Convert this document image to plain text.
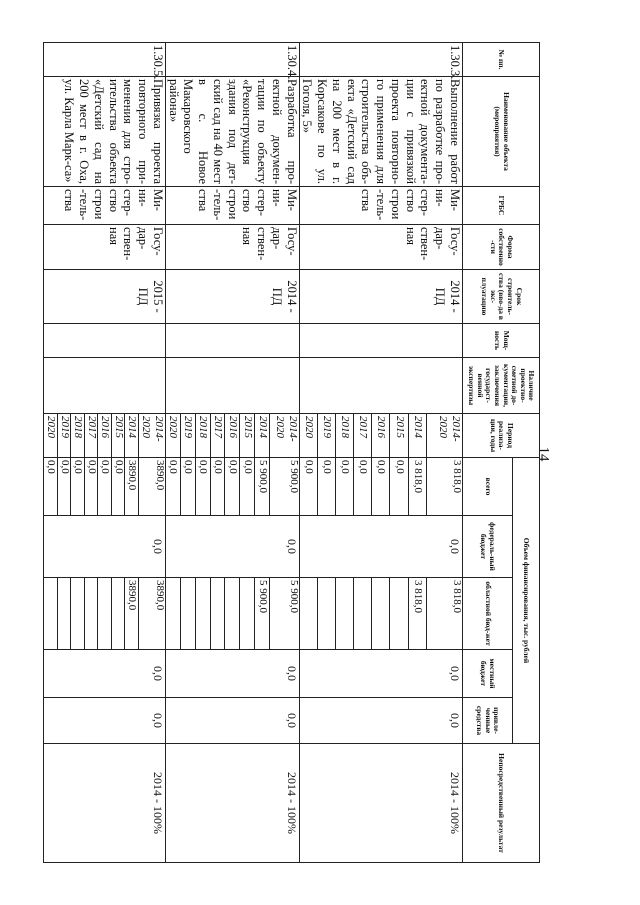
14
№ пп.	Наименование объекта (мероприятия)	ГРБС	Форма собственно-сти	Срок строитель-ства (вво-да в экс-плуатацию	Мощ-ность	Наличие проектно-сметной до-кументации, заключения государст-венной экспертизы	Период реализа-ции, годы	Объем финансирования, тыс. рублей					Непосредственный результат
								всего	федераль-ный бюджет	областной бюд-жет	местный бюджет	привле-ченные средства	
1.30.3.	Выполнение работ по разработке про-ектной документа-ции с привязкой проекта повторно-го применения для строительства объ-екта «Детский сад на 200 мест в г. Корсакове по ул. Гоголя, 5»	Ми-ни-стер-ство строи-тель-ства	Госу-дар-ствен-ная	2014 - ПД			2014-2020	3 818,0	0,0	3 818,0	0,0	0,0	2014 - 100%
							2014	3 818,0		3 818,0			
							2015	0,0					
							2016	0,0					
							2017	0,0					
							2018	0,0					
							2019	0,0					
							2020	0,0					
1.30.4.	Разработка про-ектной докумен-тации по объекту «Реконструкция здания под дет-ский сад на 40 мест в с. Новое Макаровского района»	Ми-ни-стер-ство строи-тель-ства	Госу-дар-ствен-ная	2014 - ПД			2014-2020	5 900,0	0,0	5 900,0	0,0	0,0	2014 - 100%
							2014	5 900,0		5 900,0			
							2015	0,0					
							2016	0,0					
							2017	0,0					
							2018	0,0					
							2019	0,0					
							2020	0,0					
1.30.5.	Привязка проекта повторного при-менения для стро-ительства объекта «Детский сад на 200 мест в г. Оха, ул. Карла Марк-са»	Ми-ни-стер-ство строи-тель-ства	Госу-дар-ствен-ная	2015 - ПД			2014-2020	3890,0	0,0	3890,0	0,0	0,0	2014 - 100%
							2014	3890,0		3890,0			
							2015	0,0					
							2016	0,0					
							2017	0,0					
							2018	0,0					
							2019	0,0					
							2020	0,0					
